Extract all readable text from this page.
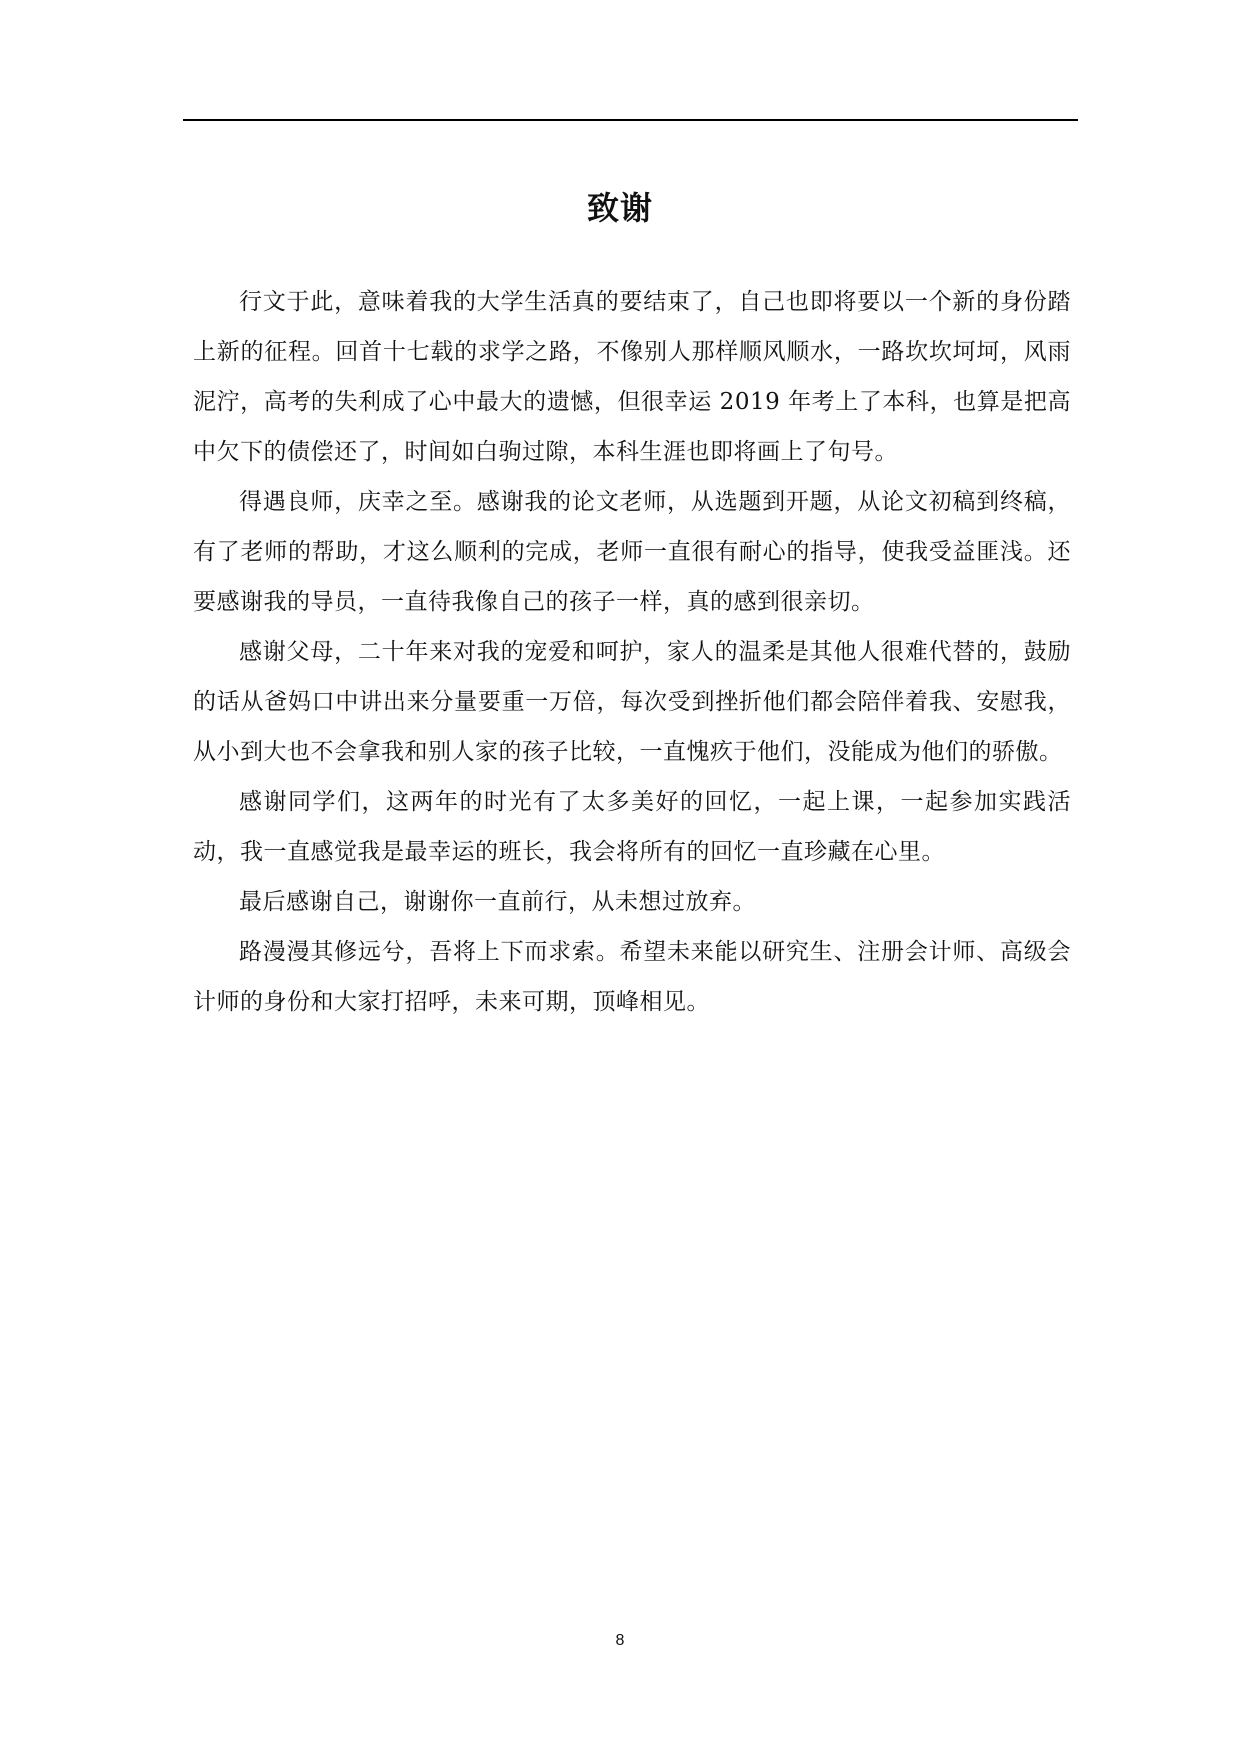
致谢

行文于此，意味着我的大学生活真的要结束了，自己也即将要以一个新的身份踏上新的征程。回首十七载的求学之路，不像别人那样顺风顺水，一路坎坎坷坷，风雨泥泞，高考的失利成了心中最大的遗憾，但很幸运 2019 年考上了本科，也算是把高中欠下的债偿还了，时间如白驹过隙，本科生涯也即将画上了句号。

得遇良师，庆幸之至。感谢我的论文老师，从选题到开题，从论文初稿到终稿，有了老师的帮助，才这么顺利的完成，老师一直很有耐心的指导，使我受益匪浅。还要感谢我的导员，一直待我像自己的孩子一样，真的感到很亲切。

感谢父母，二十年来对我的宠爱和呵护，家人的温柔是其他人很难代替的，鼓励的话从爸妈口中讲出来分量要重一万倍，每次受到挫折他们都会陪伴着我、安慰我，从小到大也不会拿我和别人家的孩子比较，一直愧疚于他们，没能成为他们的骄傲。

感谢同学们，这两年的时光有了太多美好的回忆，一起上课，一起参加实践活动，我一直感觉我是最幸运的班长，我会将所有的回忆一直珍藏在心里。

最后感谢自己，谢谢你一直前行，从未想过放弃。

路漫漫其修远兮，吾将上下而求索。希望未来能以研究生、注册会计师、高级会计师的身份和大家打招呼，未来可期，顶峰相见。

8
